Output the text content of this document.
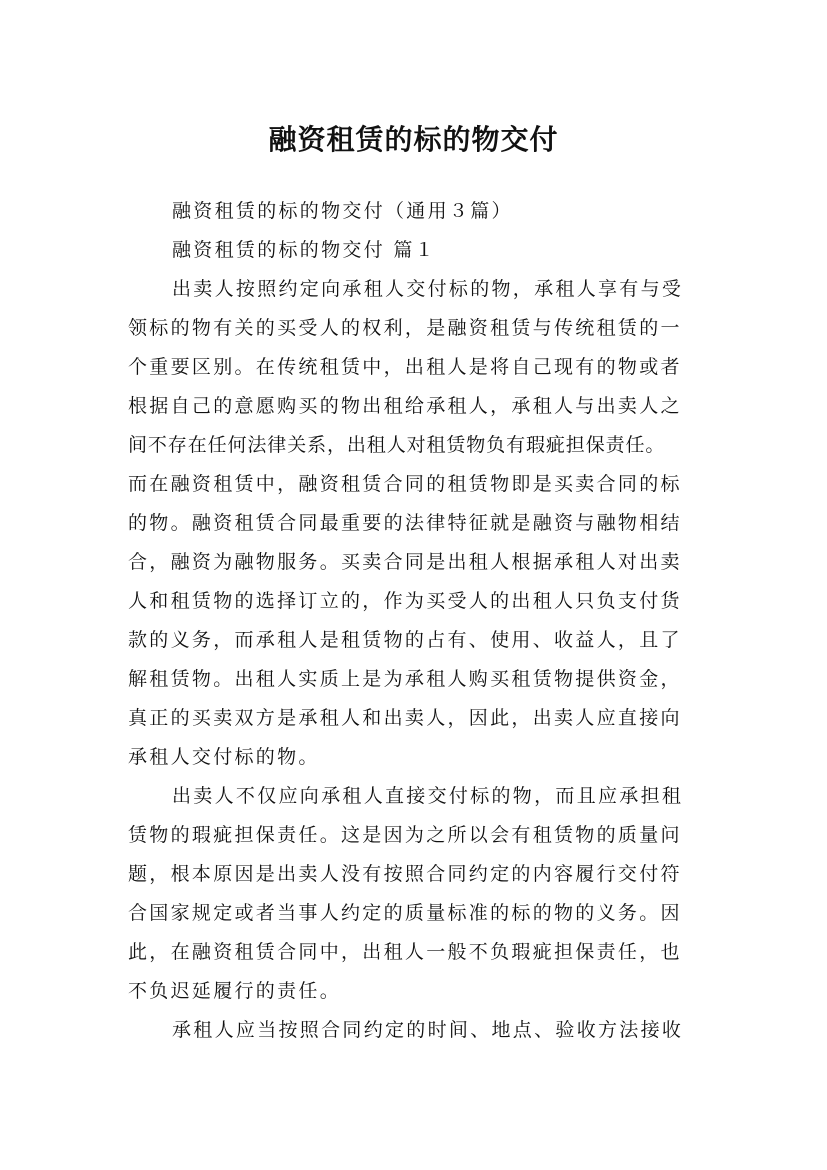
融资租赁的标的物交付

融资租赁的标的物交付（通用３篇）

融资租赁的标的物交付 篇１

出卖人按照约定向承租人交付标的物，承租人享有与受

领标的物有关的买受人的权利，是融资租赁与传统租赁的一

个重要区别。在传统租赁中，出租人是将自己现有的物或者

根据自己的意愿购买的物出租给承租人，承租人与出卖人之

间不存在任何法律关系，出租人对租赁物负有瑕疵担保责任。

而在融资租赁中，融资租赁合同的租赁物即是买卖合同的标

的物。融资租赁合同最重要的法律特征就是融资与融物相结

合，融资为融物服务。买卖合同是出租人根据承租人对出卖

人和租赁物的选择订立的，作为买受人的出租人只负支付货

款的义务，而承租人是租赁物的占有、使用、收益人，且了

解租赁物。出租人实质上是为承租人购买租赁物提供资金，

真正的买卖双方是承租人和出卖人，因此，出卖人应直接向

承租人交付标的物。

出卖人不仅应向承租人直接交付标的物，而且应承担租

赁物的瑕疵担保责任。这是因为之所以会有租赁物的质量问

题，根本原因是出卖人没有按照合同约定的内容履行交付符

合国家规定或者当事人约定的质量标准的标的物的义务。因

此，在融资租赁合同中，出租人一般不负瑕疵担保责任，也

不负迟延履行的责任。

承租人应当按照合同约定的时间、地点、验收方法接收
